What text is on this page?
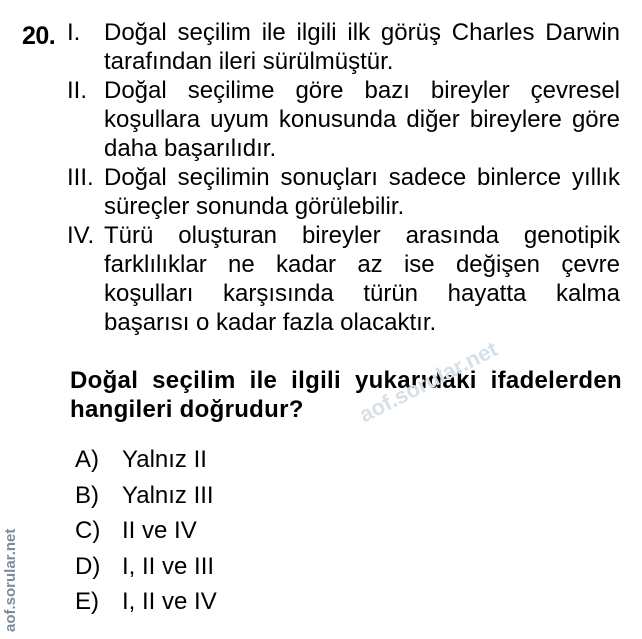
20. I. Doğal seçilim ile ilgili ilk görüş Charles Darwin tarafından ileri sürülmüştür.
II. Doğal seçilime göre bazı bireyler çevresel koşullara uyum konusunda diğer bireylere göre daha başarılıdır.
III. Doğal seçilimin sonuçları sadece binlerce yıllık süreçler sonunda görülebilir.
IV. Türü oluşturan bireyler arasında genotipik farklılıklar ne kadar az ise değişen çevre koşulları karşısında türün hayatta kalma başarısı o kadar fazla olacaktır.
Doğal seçilim ile ilgili yukarıdaki ifadelerden hangileri doğrudur?
A) Yalnız II
B) Yalnız III
C) II ve IV
D) I, II ve III
E) I, II ve IV
aof.sorular.net
aof.sorular.net
